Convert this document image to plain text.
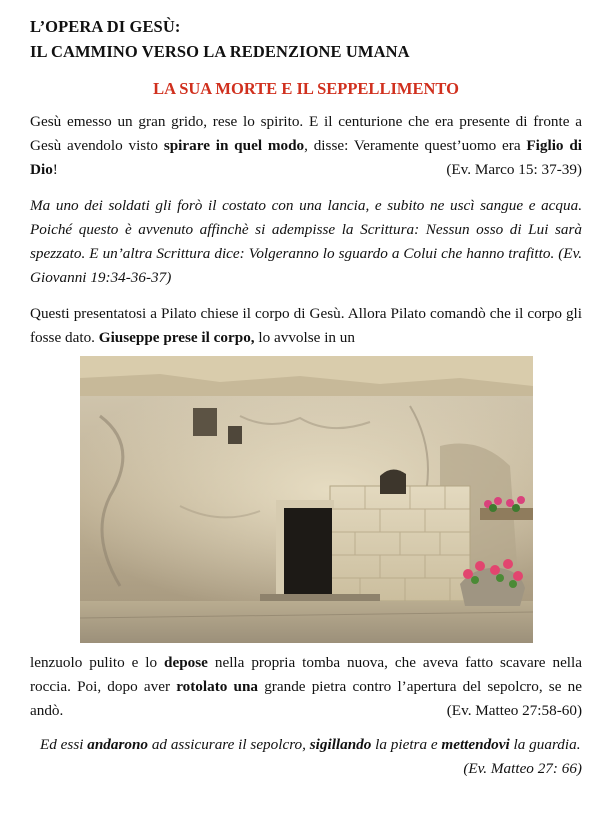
L’OPERA DI GESÙ:

IL CAMMINO VERSO LA REDENZIONE UMANA

LA SUA MORTE E IL SEPPELLIMENTO

Gesù emesso un gran grido, rese lo spirito. E il centurione che era presente di fronte a Gesù avendolo visto spirare in quel modo, disse: Veramente quest’uomo era Figlio di Dio!	(Ev. Marco 15: 37-39)

Ma uno dei soldati gli forò il costato con una lancia, e subito ne uscì sangue e acqua. Poiché questo è avvenuto affinchè si adempisse la Scrittura: Nessun osso di Lui sarà spezzato. E un’altra Scrittura dice: Volgeranno lo sguardo a Colui che hanno trafitto. (Ev. Giovanni 19:34-36-37)

Questi presentatosi a Pilato chiese il corpo di Gesù. Allora Pilato comandò che il corpo gli fosse dato. Giuseppe prese il corpo, lo avvolse in un

lenzuolo pulito e lo depose nella propria tomba nuova, che aveva fatto scavare nella roccia. Poi, dopo aver rotolato una grande pietra contro l’apertura del sepolcro, se ne andò.	(Ev. Matteo 27:58-60)

Ed essi andarono ad assicurare il sepolcro, sigillando la pietra e mettendovi la guardia.
(Ev. Matteo 27: 66)
